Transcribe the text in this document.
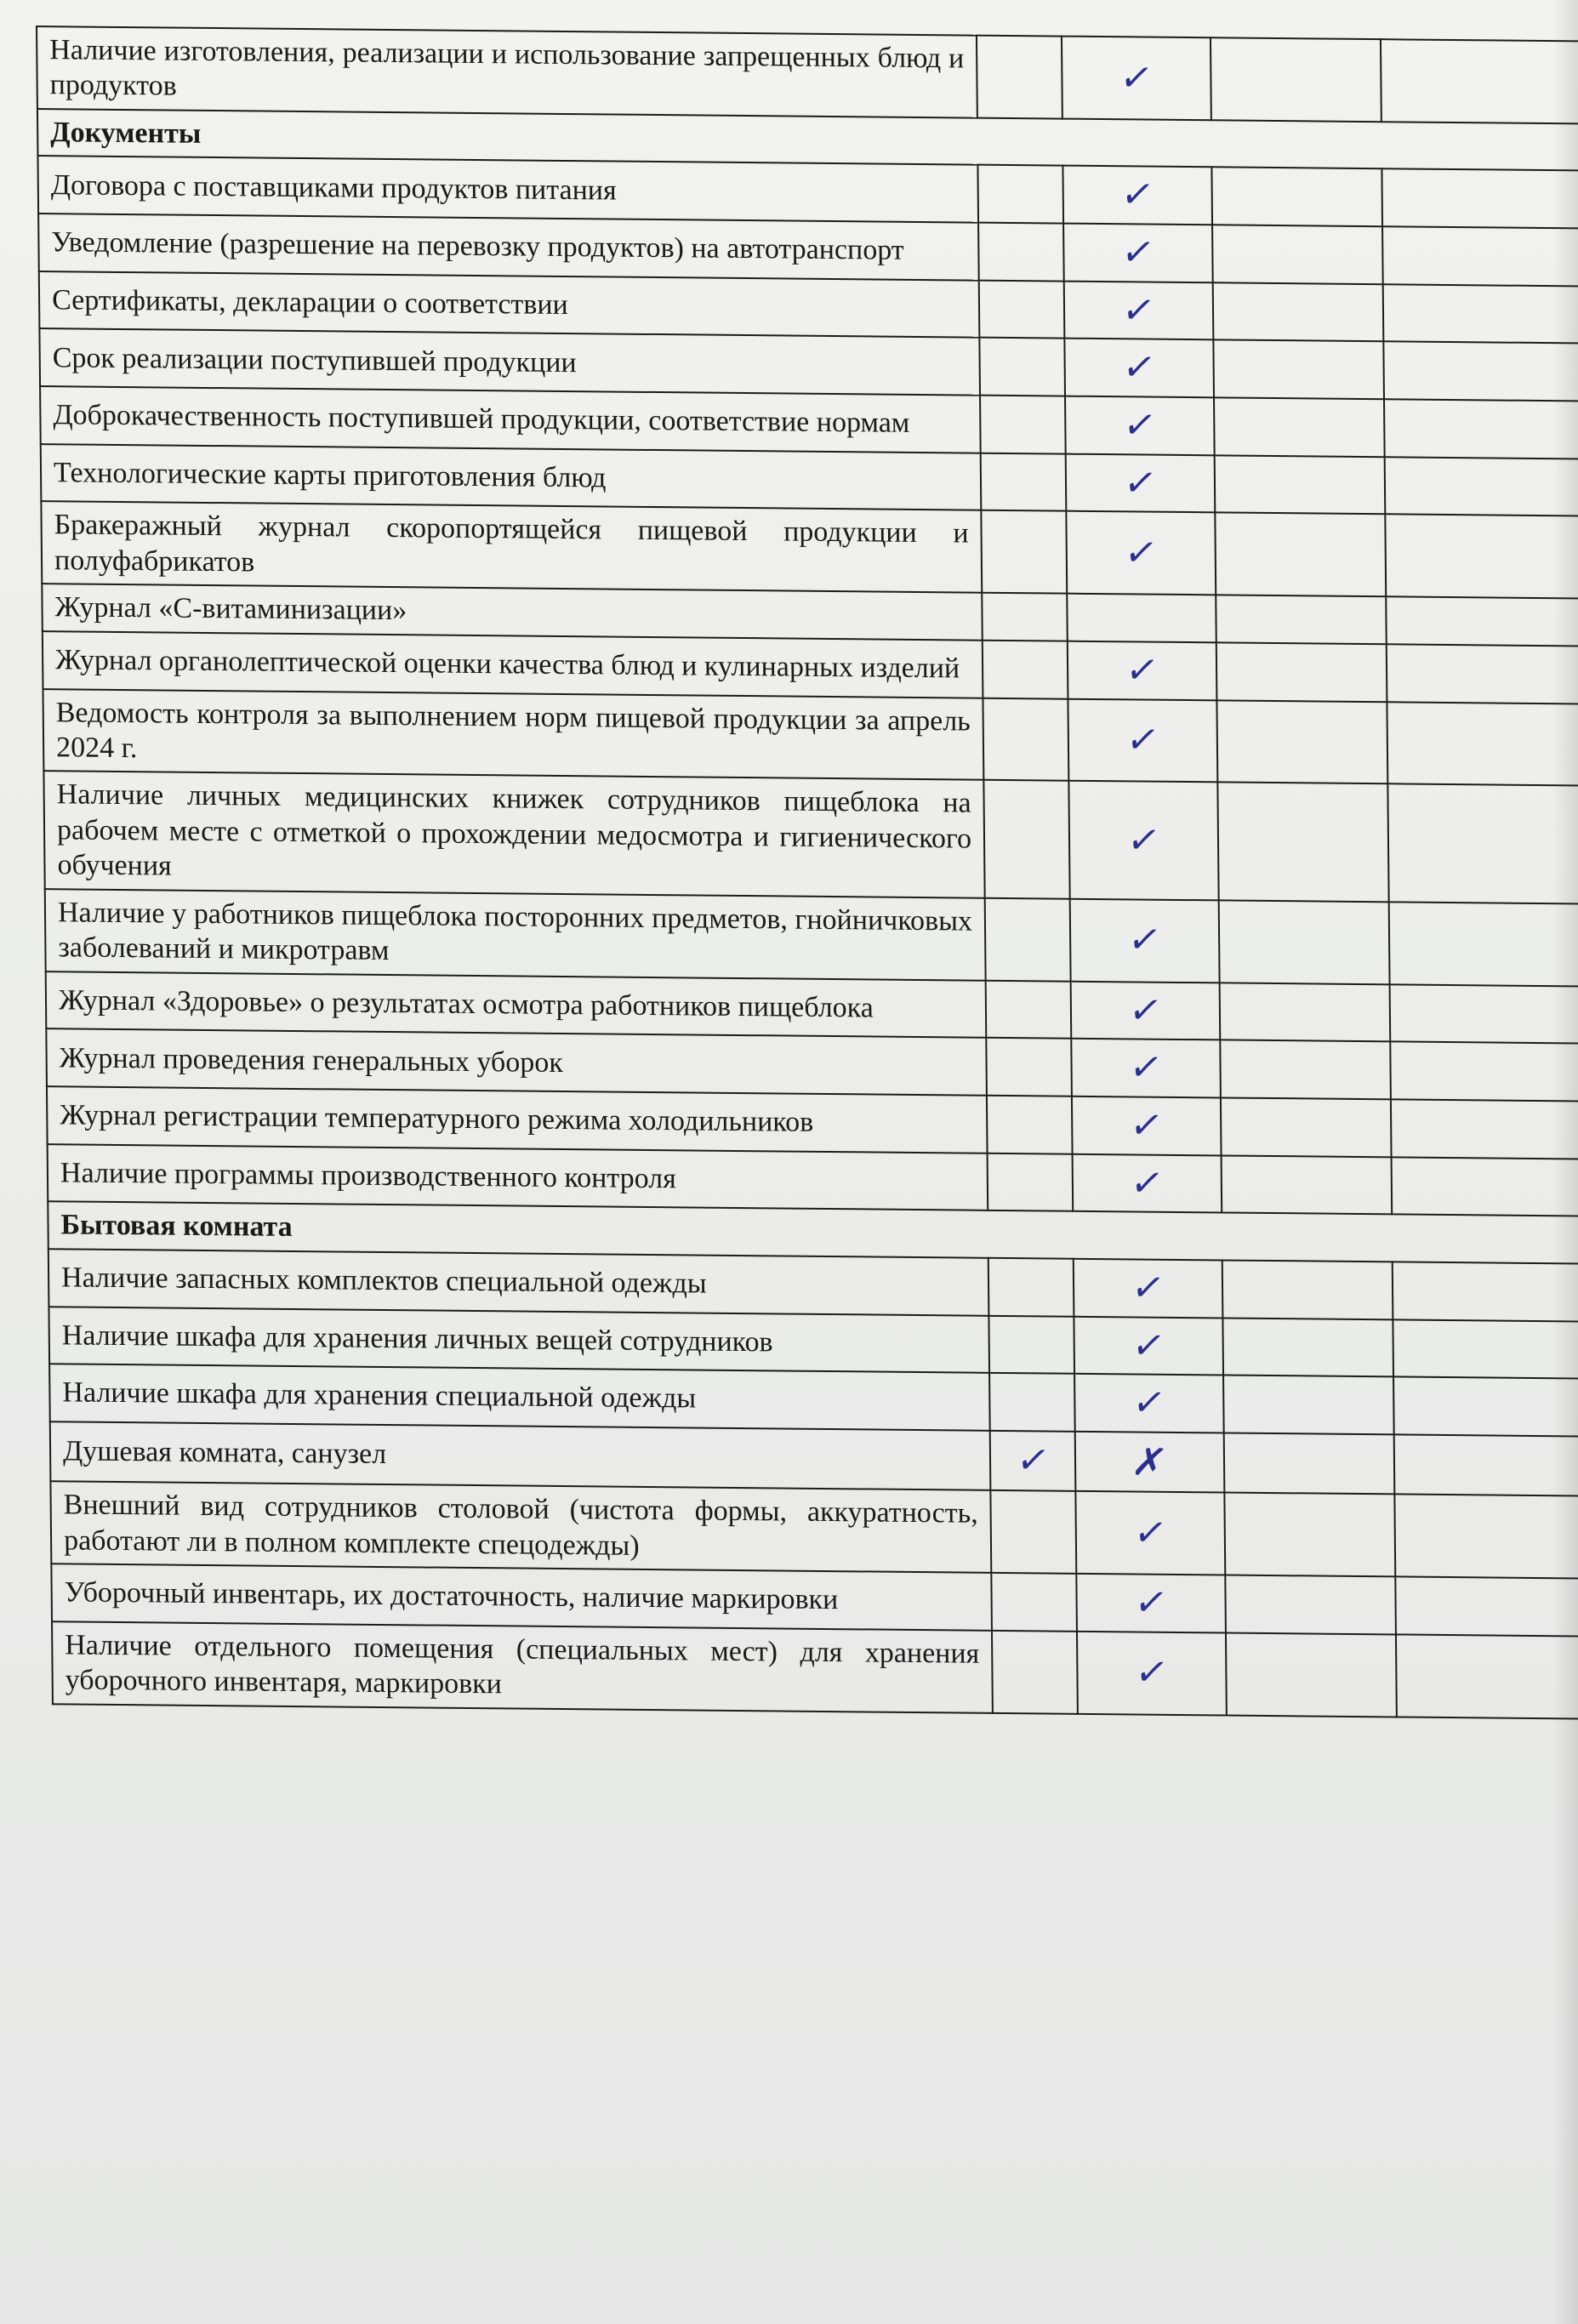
Наличие изготовления, реализации и использование запрещенных блюд и продуктов		✓		
Документы				
Договора с поставщиками продуктов питания		✓		
Уведомление (разрешение на перевозку продуктов) на автотранспорт		✓		
Сертификаты, декларации о соответствии		✓		
Срок реализации поступившей продукции		✓		
Доброкачественность поступившей продукции, соответствие нормам		✓		
Технологические карты приготовления блюд		✓		
Бракеражный журнал скоропортящейся пищевой продукции и полуфабрикатов		✓		
Журнал «С-витаминизации»				
Журнал органолептической оценки качества блюд и кулинарных изделий		✓		
Ведомость контроля за выполнением норм пищевой продукции за апрель 2024 г.		✓		
Наличие личных медицинских книжек сотрудников пищеблока на рабочем месте с отметкой о прохождении медосмотра и гигиенического обучения		✓		
Наличие у работников пищеблока посторонних предметов, гнойничковых заболеваний и микротравм		✓		
Журнал «Здоровье» о результатах осмотра работников пищеблока		✓		
Журнал проведения генеральных уборок		✓		
Журнал регистрации температурного режима холодильников		✓		
Наличие программы производственного контроля		✓		
Бытовая комната				
Наличие запасных комплектов специальной одежды		✓		
Наличие шкафа для хранения личных вещей сотрудников		✓		
Наличие шкафа для хранения специальной одежды		✓		
Душевая комната, санузел	✓	✗		
Внешний вид сотрудников столовой (чистота формы, аккуратность, работают ли в полном комплекте спецодежды)		✓		
Уборочный инвентарь, их достаточность, наличие маркировки		✓		
Наличие отдельного помещения (специальных мест) для хранения уборочного инвентаря, маркировки		✓		
